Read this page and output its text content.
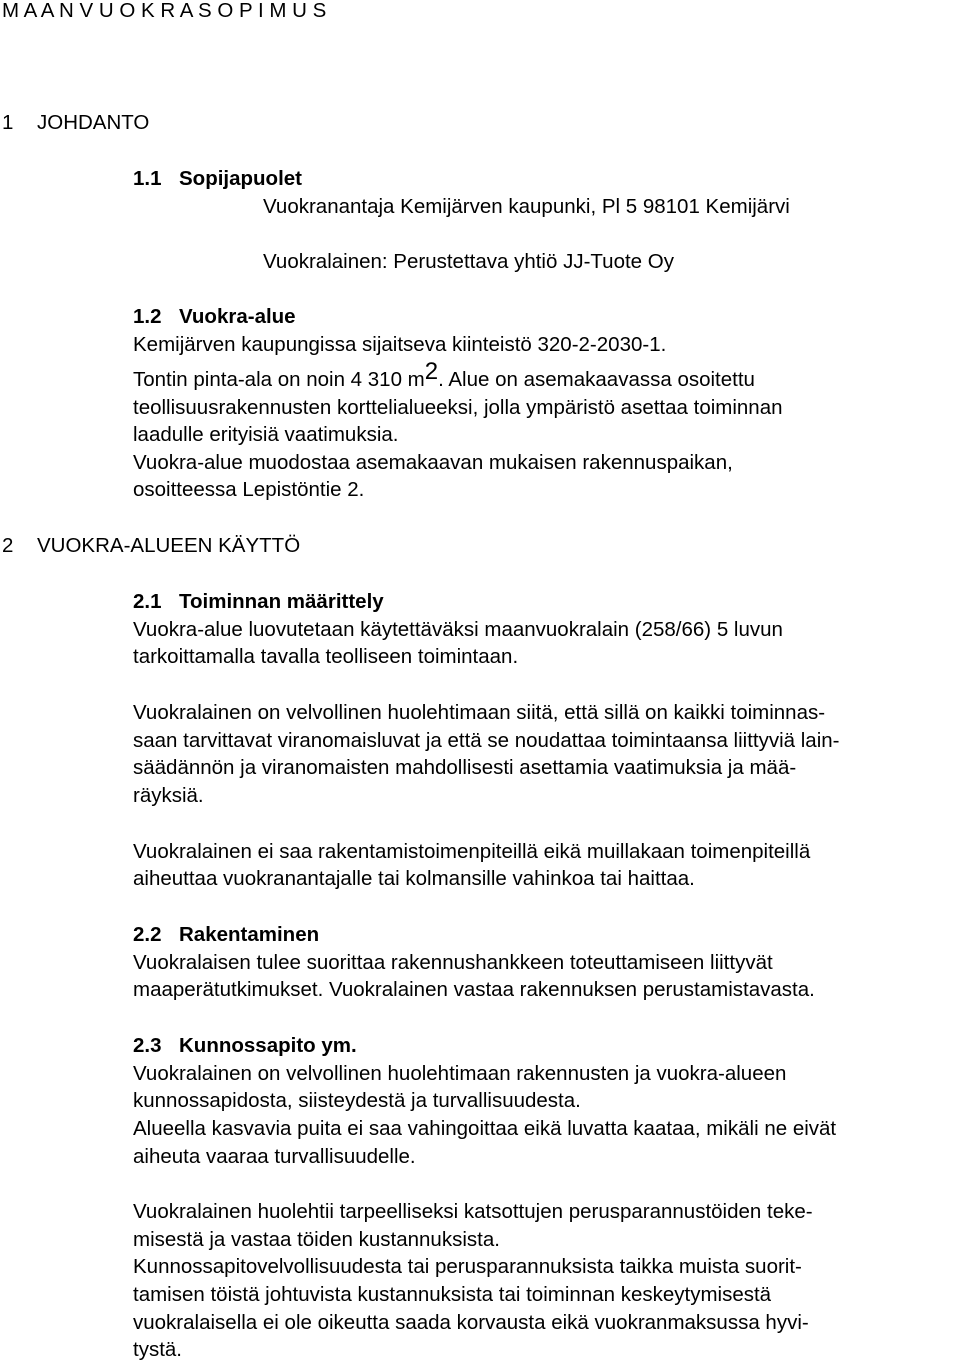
M A A N V U O K R A S O P I M U S
1 JOHDANTO
1.1 Sopijapuolet
Vuokranantaja Kemijärven kaupunki, Pl 5 98101 Kemijärvi
Vuokralainen: Perustettava yhtiö JJ-Tuote Oy
1.2 Vuokra-alue
Kemijärven kaupungissa sijaitseva kiinteistö 320-2-2030-1.
Tontin pinta-ala on noin 4 310 $m^2$. Alue on asemakaavassa osoitettu
teollisuusrakennusten korttelialueeksi, jolla ympäristö asettaa toiminnan
laadulle erityisiä vaatimuksia.
Vuokra-alue muodostaa asemakaavan mukaisen rakennuspaikan,
osoitteessa Lepistöntie 2.
2 VUOKRA-ALUEEN KÄYTTÖ
2.1 Toiminnan määrittely
Vuokra-alue luovutetaan käytettäväksi maanvuokralain (258/66) 5 luvun
tarkoittamalla tavalla teolliseen toimintaan.
Vuokralainen on velvollinen huolehtimaan siitä, että sillä on kaikki toiminnas-
saan tarvittavat viranomaisluvat ja että se noudattaa toimintaansa liittyviä lain-
säädännön ja viranomaisten mahdollisesti asettamia vaatimuksia ja mää-
räyksiä.
Vuokralainen ei saa rakentamistoimenpiteillä eikä muillakaan toimenpiteillä
aiheuttaa vuokranantajalle tai kolmansille vahinkoa tai haittaa.
2.2 Rakentaminen
Vuokralaisen tulee suorittaa rakennushankkeen toteuttamiseen liittyvät
maaperätutkimukset. Vuokralainen vastaa rakennuksen perustamistavasta.
2.3 Kunnossapito ym.
Vuokralainen on velvollinen huolehtimaan rakennusten ja vuokra-alueen
kunnossapidosta, siisteydestä ja turvallisuudesta.
Alueella kasvavia puita ei saa vahingoittaa eikä luvatta kaataa, mikäli ne eivät
aiheuta vaaraa turvallisuudelle.
Vuokralainen huolehtii tarpeelliseksi katsottujen perusparannustöiden teke-
misestä ja vastaa töiden kustannuksista.
Kunnossapitovelvollisuudesta tai perusparannuksista taikka muista suorit-
tamisen töistä johtuvista kustannuksista tai toiminnan keskeytymisestä
vuokralaisella ei ole oikeutta saada korvausta eikä vuokranmaksussa hyvi-
tystä.
